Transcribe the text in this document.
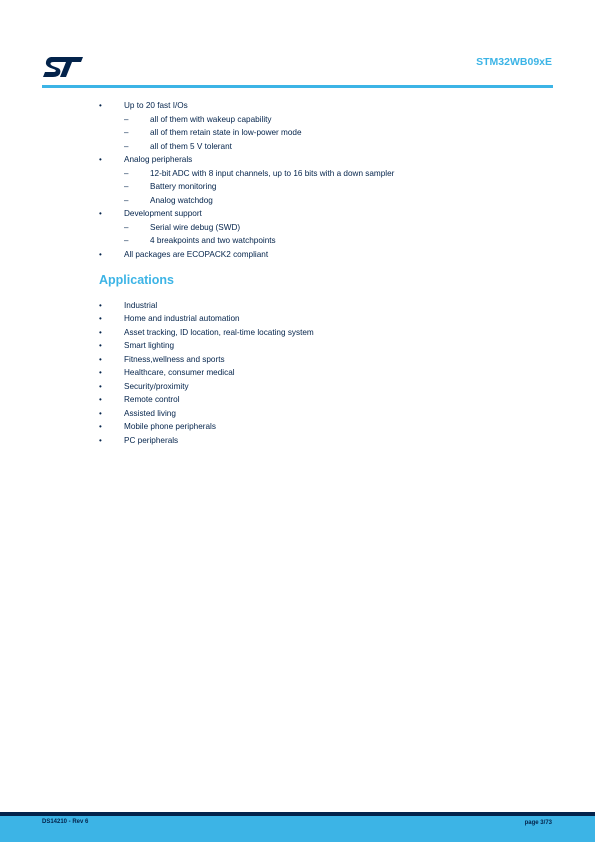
STM32WB09xE
•	Up to 20 fast I/Os
–	all of them with wakeup capability
–	all of them retain state in low-power mode
–	all of them 5 V tolerant
•	Analog peripherals
–	12-bit ADC with 8 input channels, up to 16 bits with a down sampler
–	Battery monitoring
–	Analog watchdog
•	Development support
–	Serial wire debug (SWD)
–	4 breakpoints and two watchpoints
•	All packages are ECOPACK2 compliant
Applications
•	Industrial
•	Home and industrial automation
•	Asset tracking, ID location, real-time locating system
•	Smart lighting
•	Fitness,wellness and sports
•	Healthcare, consumer medical
•	Security/proximity
•	Remote control
•	Assisted living
•	Mobile phone peripherals
•	PC peripherals
DS14210 - Rev 6	page 3/73
